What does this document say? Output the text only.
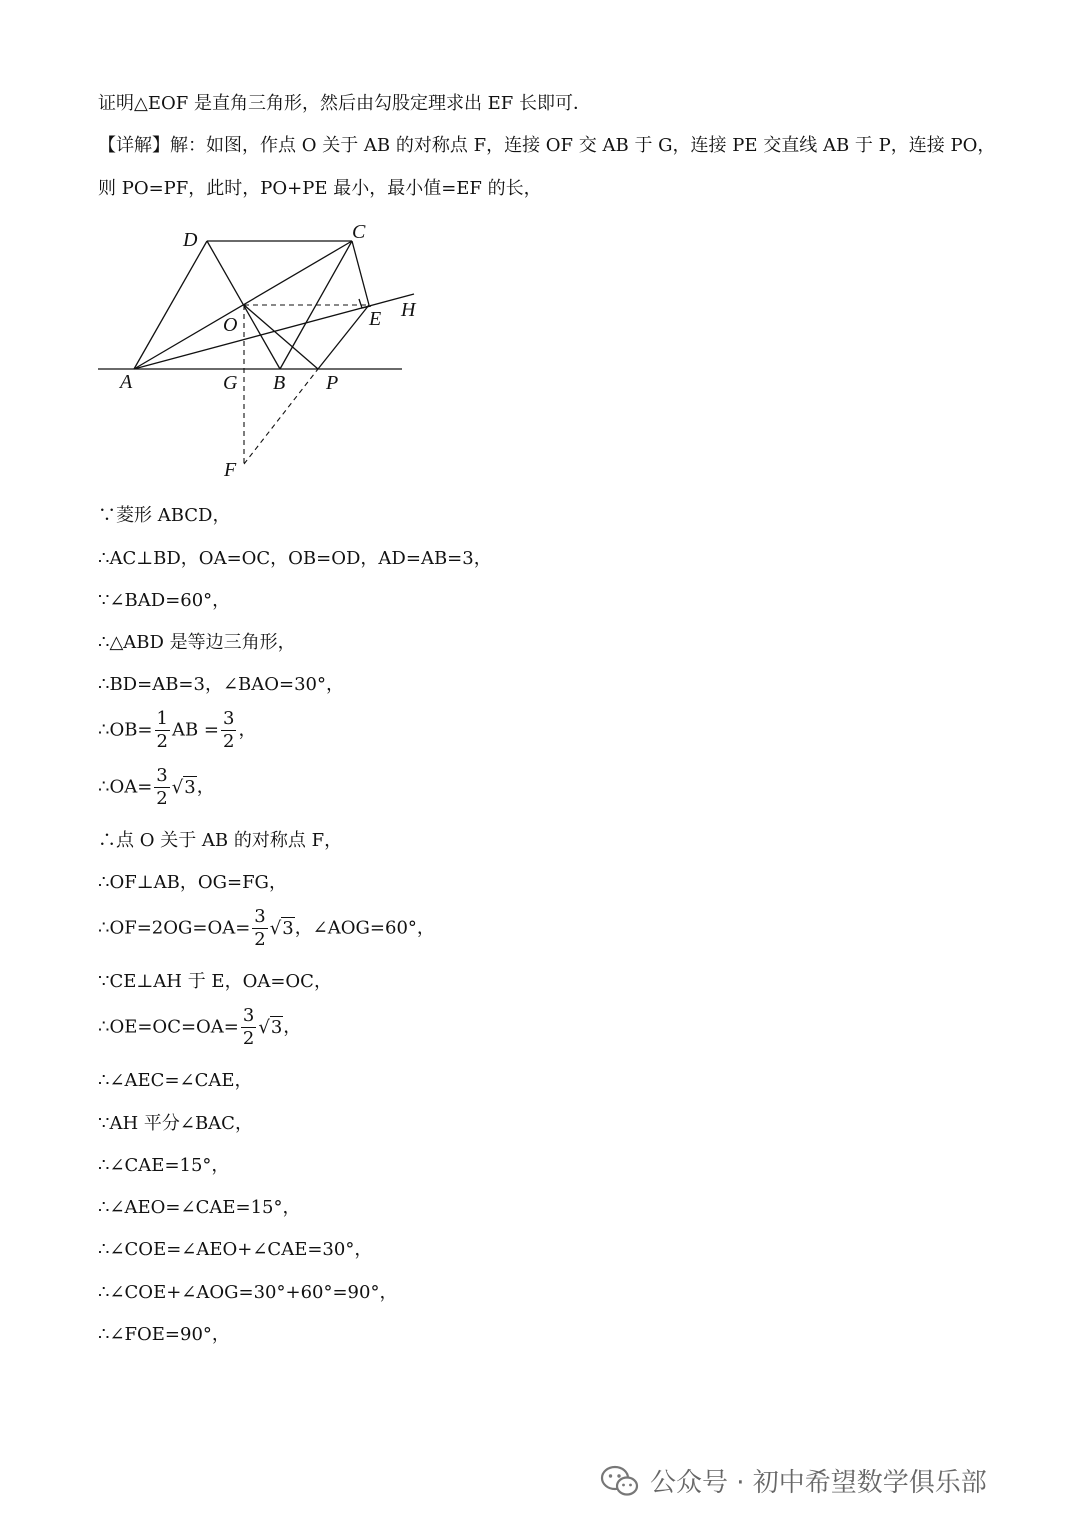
证明△EOF 是直角三角形，然后由勾股定理求出 EF 长即可．
【详解】解：如图，作点 O 关于 AB 的对称点 F，连接 OF 交 AB 于 G，连接 PE 交直线 AB 于 P，连接 PO，
则 PO=PF，此时，PO+PE 最小，最小值=EF 的长，
D	C
O	E H
A	G B P
F
∵菱形 ABCD，
∴AC⊥BD，OA=OC，OB=OD，AD=AB=3，
∵∠BAD=60°，
∴△ABD 是等边三角形，
∴BD=AB=3，∠BAO=30°，
∴OB= $\frac{1}{2}$ AB = $\frac{3}{2}$ ，
∴OA= $\frac{3}{2} √3$，
∴点 O 关于 AB 的对称点 F，
∴OF⊥AB，OG=FG，
∴OF=2OG=OA= $\frac{3}{2} √3$，∠AOG=60°，
∵CE⊥AH 于 E，OA=OC，
∴OE=OC=OA= $\frac{3}{2} √3$，
∴∠AEC=∠CAE，
∵AH 平分∠BAC，
∴∠CAE=15°，
∴∠AEO=∠CAE=15°，
∴∠COE=∠AEO+∠CAE=30°，
∴∠COE+∠AOG=30°+60°=90°，
∴∠FOE=90°，
公众号 · 初中希望数学俱乐部
